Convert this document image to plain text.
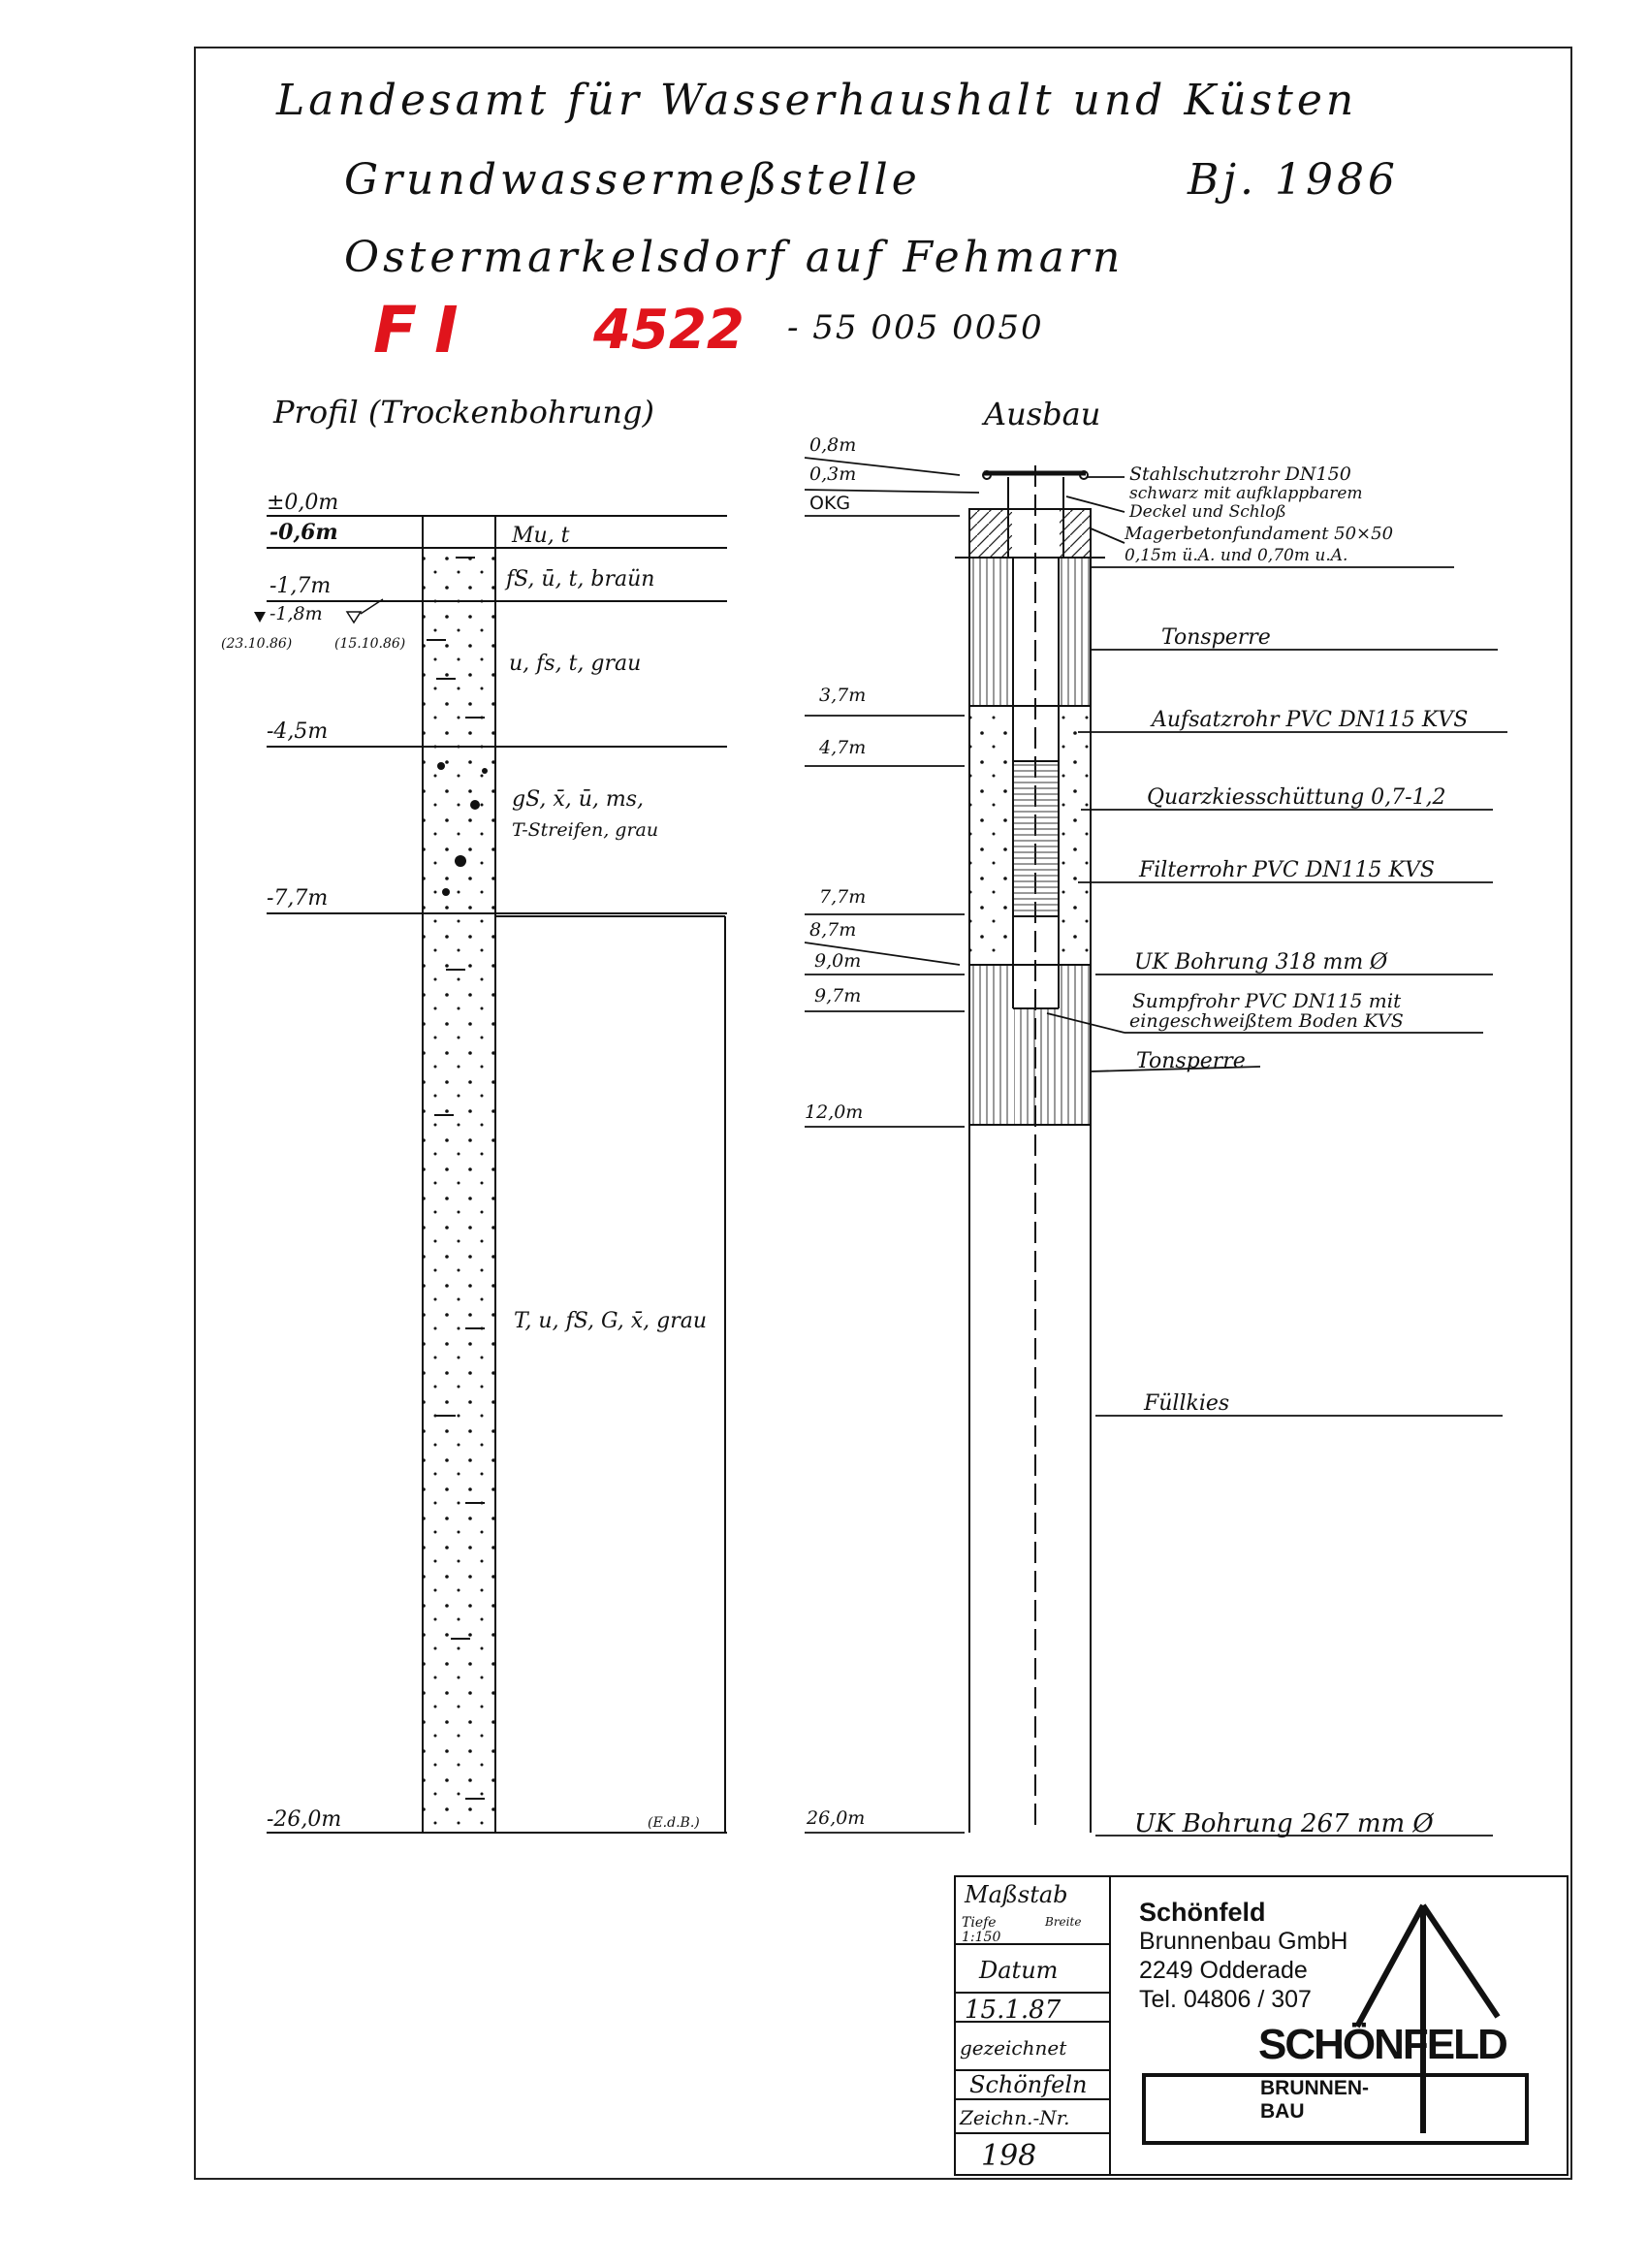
Landesamt für Wasserhaushalt und Küsten
Grundwassermeßstelle	Bj. 1986
Ostermarkelsdorf auf Fehmarn
FI 4522 - 55 005 0050
Profil (Trockenbohrung)	Ausbau
±0,0m
-0,6m
-1,7m
-4,5m
-7,7m
-26,0m
-1,8m
(23.10.86)	(15.10.86)
Mu, t
fS, ū, t, braün
u, fs, t, grau
gS, x̄, ū, ms,
T-Streifen, grau
T, u, fS, G, x̄, grau
(E.d.B.)
0,8m
0,3m
OKG
3,7m
4,7m
7,7m
8,7m
9,0m
9,7m
12,0m
26,0m
Stahlschutzrohr DN150
schwarz mit aufklappbarem
Deckel und Schloß
Magerbetonfundament 50×50
0,15m ü.A. und 0,70m u.A.
Tonsperre
Aufsatzrohr PVC DN115 KVS
Quarzkiesschüttung 0,7-1,2
Filterrohr PVC DN115 KVS
UK Bohrung 318 mm Ø
Sumpfrohr PVC DN115 mit
eingeschweißtem Boden KVS
Tonsperre
Füllkies
UK Bohrung 267 mm Ø
Maßstab
Tiefe	Breite
1:150
Datum
15.1.87
gezeichnet
Schönfeln
Zeichn.-Nr.
198
Schönfeld
Brunnenbau GmbH
2249 Odderade
Tel. 04806 / 307
SCHÖNFELD
BRUNNEN-
BAU
